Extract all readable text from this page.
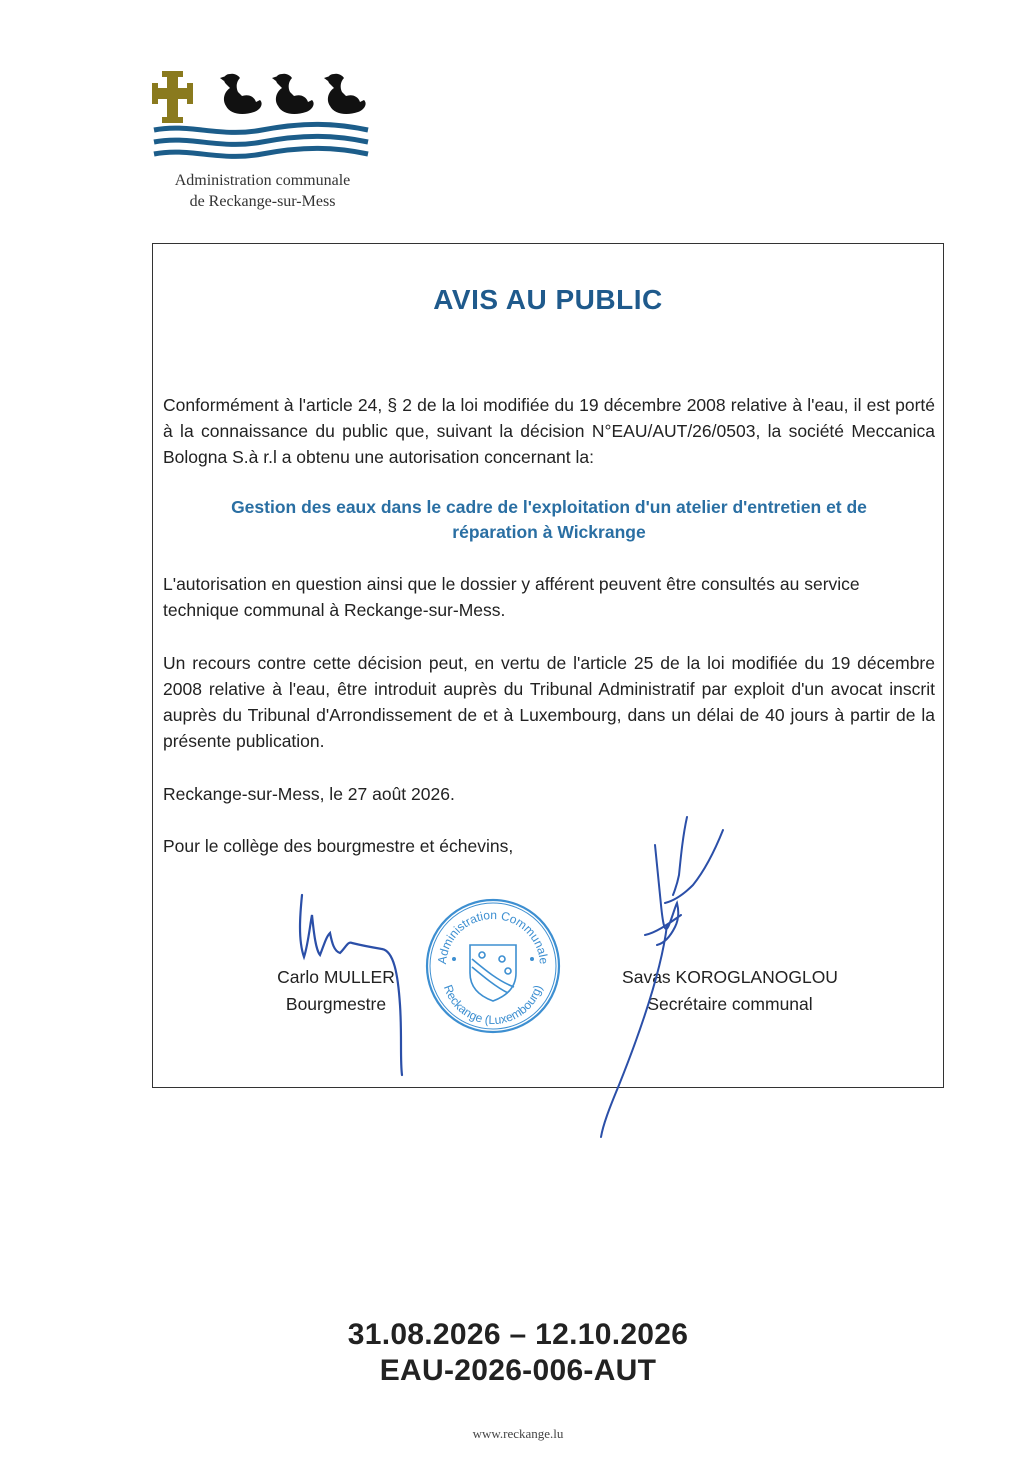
Administration communale
de Reckange-sur-Mess
AVIS AU PUBLIC
Conformément à l'article 24, § 2 de la loi modifiée du 19 décembre 2008 relative à l'eau, il est porté à la connaissance du public que, suivant la décision N°EAU/AUT/26/0503, la société Meccanica Bologna S.à r.l a obtenu une autorisation concernant la:
Gestion des eaux dans le cadre de l'exploitation d'un atelier d'entretien et de
réparation à Wickrange
L'autorisation en question ainsi que le dossier y afférent peuvent être consultés au service technique communal à Reckange-sur-Mess.
Un recours contre cette décision peut, en vertu de l'article 25 de la loi modifiée du 19 décembre 2008 relative à l'eau, être introduit auprès du Tribunal Administratif par exploit d'un avocat inscrit auprès du Tribunal d'Arrondissement de et à Luxembourg, dans un délai de 40 jours à partir de la présente publication.
Reckange-sur-Mess, le 27 août 2026.
Pour le collège des bourgmestre et échevins,
Carlo MULLER
Bourgmestre
Savas KOROGLANOGLOU
Secrétaire communal
Administration Communale
Reckange (Luxembourg)
31.08.2026 – 12.10.2026
EAU-2026-006-AUT
www.reckange.lu
